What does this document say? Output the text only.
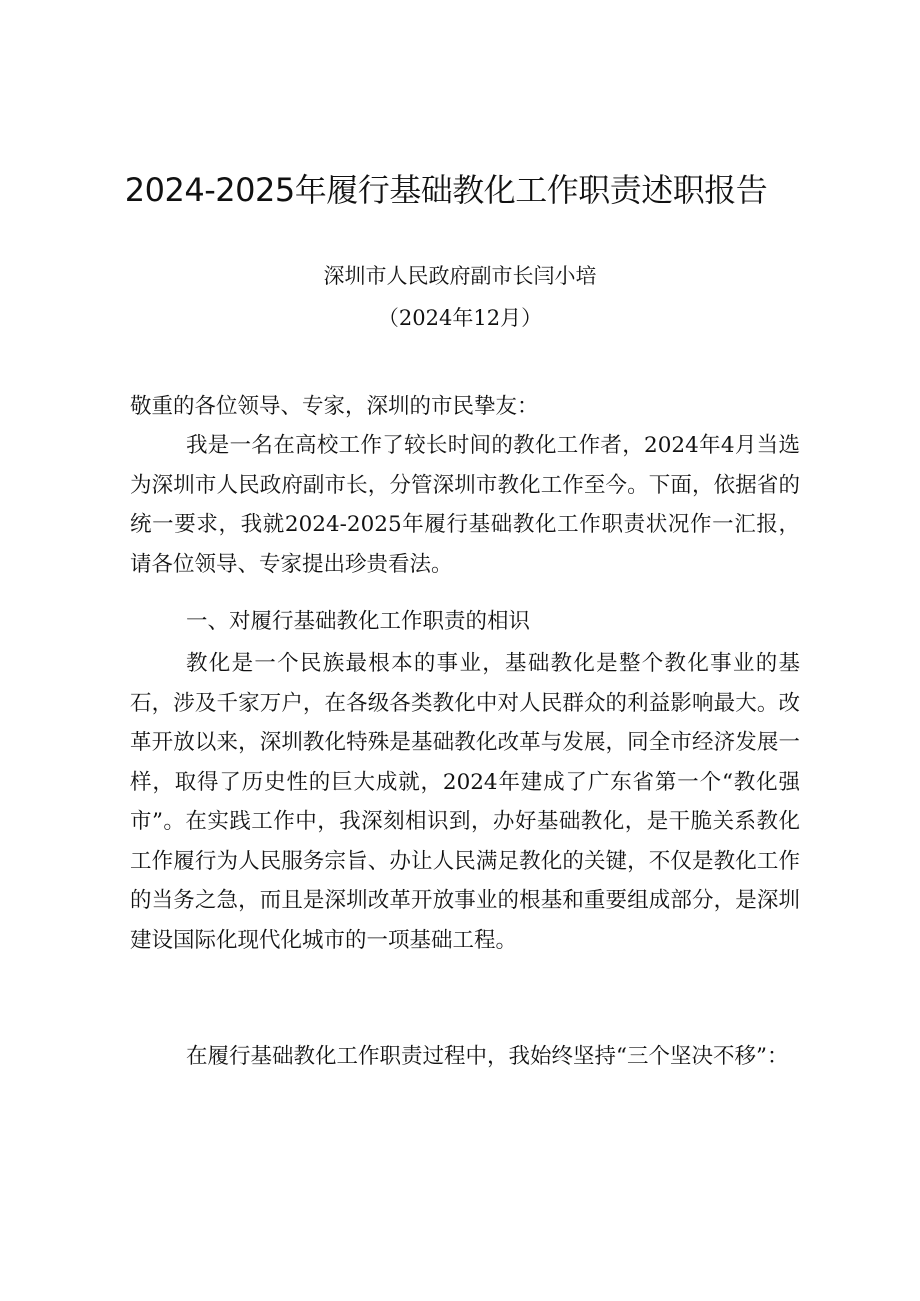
2024-2025年履行基础教化工作职责述职报告
深圳市人民政府副市长闫小培
（2024年12月）
敬重的各位领导、专家，深圳的市民挚友：
我是一名在高校工作了较长时间的教化工作者，2024年4月当选为深圳市人民政府副市长，分管深圳市教化工作至今。下面，依据省的统一要求，我就2024-2025年履行基础教化工作职责状况作一汇报，请各位领导、专家提出珍贵看法。
一、对履行基础教化工作职责的相识
教化是一个民族最根本的事业，基础教化是整个教化事业的基石，涉及千家万户，在各级各类教化中对人民群众的利益影响最大。改革开放以来，深圳教化特殊是基础教化改革与发展，同全市经济发展一样，取得了历史性的巨大成就，2024年建成了广东省第一个“教化强市”。在实践工作中，我深刻相识到，办好基础教化，是干脆关系教化工作履行为人民服务宗旨、办让人民满足教化的关键，不仅是教化工作的当务之急，而且是深圳改革开放事业的根基和重要组成部分，是深圳建设国际化现代化城市的一项基础工程。
在履行基础教化工作职责过程中，我始终坚持“三个坚决不移”：
